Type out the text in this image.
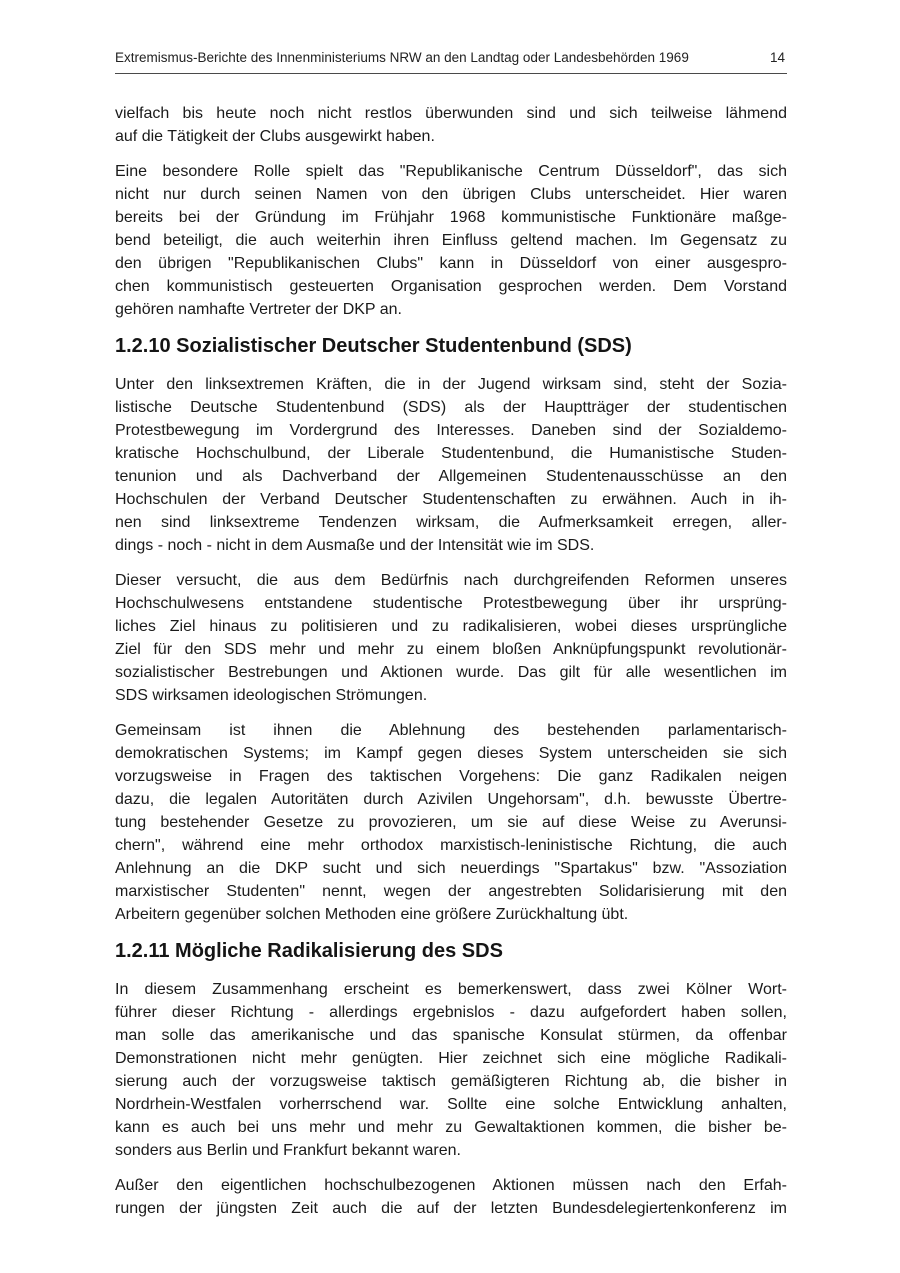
Extremismus-Berichte des Innenministeriums NRW an den Landtag oder Landesbehörden 1969	14
vielfach bis heute noch nicht restlos überwunden sind und sich teilweise lähmend
auf die Tätigkeit der Clubs ausgewirkt haben.
Eine besondere Rolle spielt das "Republikanische Centrum Düsseldorf", das sich
nicht nur durch seinen Namen von den übrigen Clubs unterscheidet. Hier waren
bereits bei der Gründung im Frühjahr 1968 kommunistische Funktionäre maßge-
bend beteiligt, die auch weiterhin ihren Einfluss geltend machen. Im Gegensatz zu
den übrigen "Republikanischen Clubs" kann in Düsseldorf von einer ausgespro-
chen kommunistisch gesteuerten Organisation gesprochen werden. Dem Vorstand
gehören namhafte Vertreter der DKP an.
1.2.10 Sozialistischer Deutscher Studentenbund (SDS)
Unter den linksextremen Kräften, die in der Jugend wirksam sind, steht der Sozia-
listische Deutsche Studentenbund (SDS) als der Hauptträger der studentischen
Protestbewegung im Vordergrund des Interesses. Daneben sind der Sozialdemo-
kratische Hochschulbund, der Liberale Studentenbund, die Humanistische Studen-
tenunion und als Dachverband der Allgemeinen Studentenausschüsse an den
Hochschulen der Verband Deutscher Studentenschaften zu erwähnen. Auch in ih-
nen sind linksextreme Tendenzen wirksam, die Aufmerksamkeit erregen, aller-
dings - noch - nicht in dem Ausmaße und der Intensität wie im SDS.
Dieser versucht, die aus dem Bedürfnis nach durchgreifenden Reformen unseres
Hochschulwesens entstandene studentische Protestbewegung über ihr ursprüng-
liches Ziel hinaus zu politisieren und zu radikalisieren, wobei dieses ursprüngliche
Ziel für den SDS mehr und mehr zu einem bloßen Anknüpfungspunkt revolutionär-
sozialistischer Bestrebungen und Aktionen wurde. Das gilt für alle wesentlichen im
SDS wirksamen ideologischen Strömungen.
Gemeinsam ist ihnen die Ablehnung des bestehenden parlamentarisch-
demokratischen Systems; im Kampf gegen dieses System unterscheiden sie sich
vorzugsweise in Fragen des taktischen Vorgehens: Die ganz Radikalen neigen
dazu, die legalen Autoritäten durch Azivilen Ungehorsam", d.h. bewusste Übertre-
tung bestehender Gesetze zu provozieren, um sie auf diese Weise zu Averunsi-
chern", während eine mehr orthodox marxistisch-leninistische Richtung, die auch
Anlehnung an die DKP sucht und sich neuerdings "Spartakus" bzw. "Assoziation
marxistischer Studenten" nennt, wegen der angestrebten Solidarisierung mit den
Arbeitern gegenüber solchen Methoden eine größere Zurückhaltung übt.
1.2.11 Mögliche Radikalisierung des SDS
In diesem Zusammenhang erscheint es bemerkenswert, dass zwei Kölner Wort-
führer dieser Richtung - allerdings ergebnislos - dazu aufgefordert haben sollen,
man solle das amerikanische und das spanische Konsulat stürmen, da offenbar
Demonstrationen nicht mehr genügten. Hier zeichnet sich eine mögliche Radikali-
sierung auch der vorzugsweise taktisch gemäßigteren Richtung ab, die bisher in
Nordrhein-Westfalen vorherrschend war. Sollte eine solche Entwicklung anhalten,
kann es auch bei uns mehr und mehr zu Gewaltaktionen kommen, die bisher be-
sonders aus Berlin und Frankfurt bekannt waren.
Außer den eigentlichen hochschulbezogenen Aktionen müssen nach den Erfah-
rungen der jüngsten Zeit auch die auf der letzten Bundesdelegiertenkonferenz im
